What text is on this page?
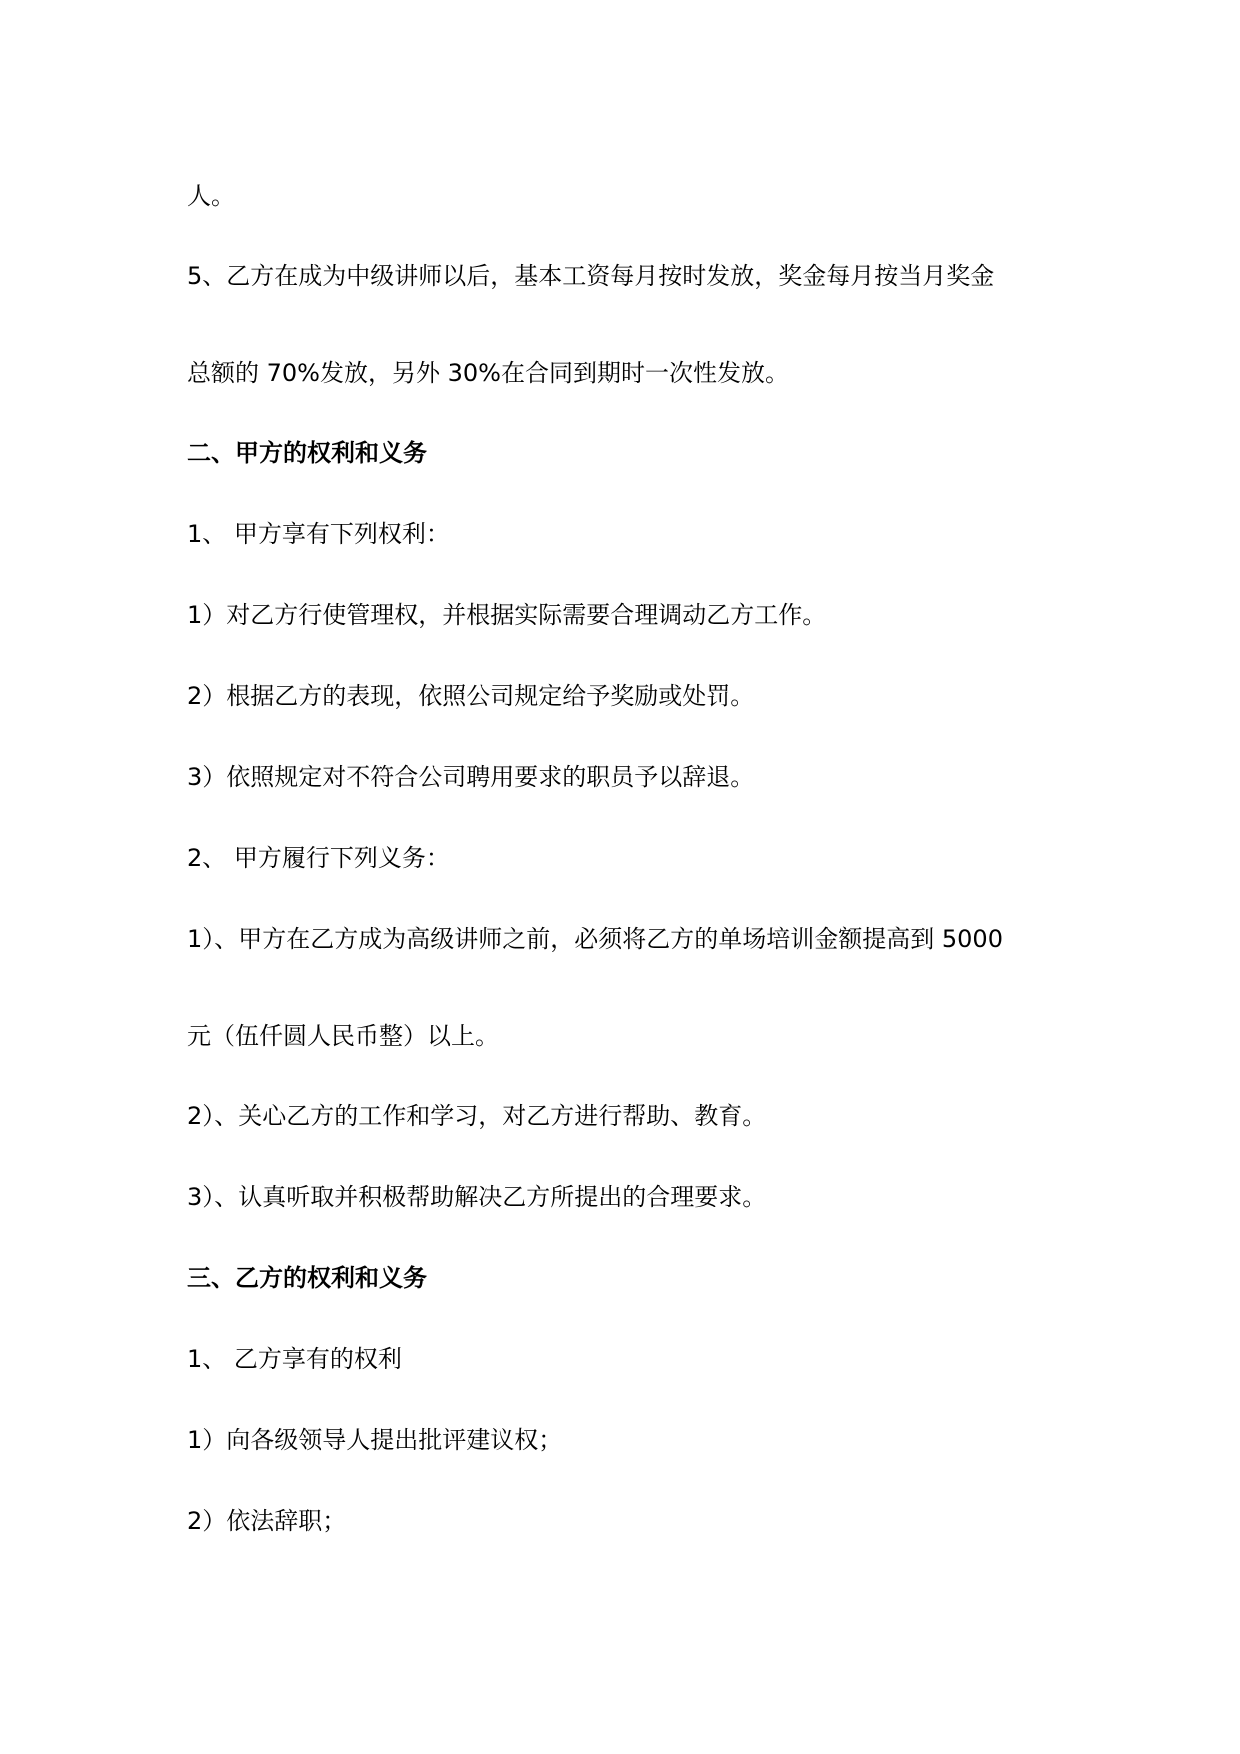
人。

5、乙方在成为中级讲师以后，基本工资每月按时发放，奖金每月按当月奖金

总额的 70%发放，另外 30%在合同到期时一次性发放。

二、甲方的权利和义务

1、 甲方享有下列权利：

1）对乙方行使管理权，并根据实际需要合理调动乙方工作。

2）根据乙方的表现，依照公司规定给予奖励或处罚。

3）依照规定对不符合公司聘用要求的职员予以辞退。

2、 甲方履行下列义务：

1）、甲方在乙方成为高级讲师之前，必须将乙方的单场培训金额提高到 5000

元（伍仟圆人民币整）以上。

2）、关心乙方的工作和学习，对乙方进行帮助、教育。

3）、认真听取并积极帮助解决乙方所提出的合理要求。

三、乙方的权利和义务

1、 乙方享有的权利

1）向各级领导人提出批评建议权；

2）依法辞职；
